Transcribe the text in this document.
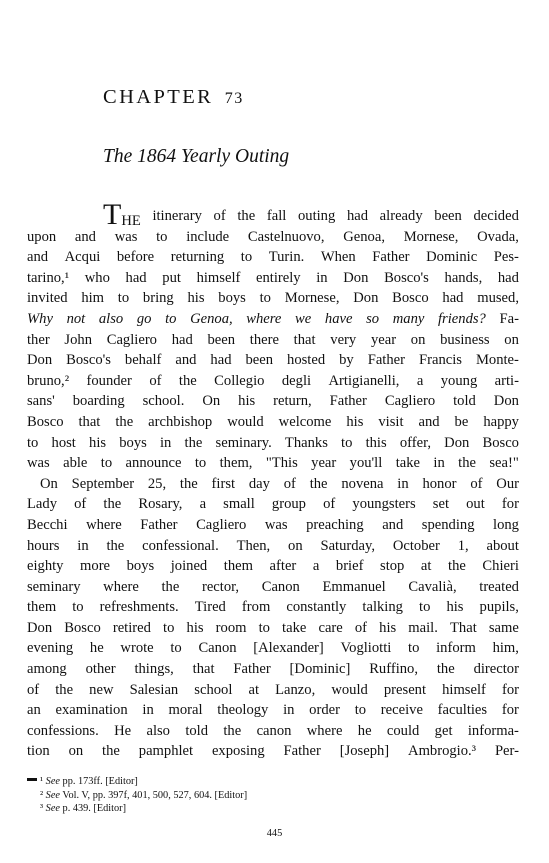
CHAPTER 73
The 1864 Yearly Outing
THE itinerary of the fall outing had already been decided
upon and was to include Castelnuovo, Genoa, Mornese, Ovada,
and Acqui before returning to Turin. When Father Dominic Pes-
tarino,¹ who had put himself entirely in Don Bosco's hands, had
invited him to bring his boys to Mornese, Don Bosco had mused,
Why not also go to Genoa, where we have so many friends? Fa-
ther John Cagliero had been there that very year on business on
Don Bosco's behalf and had been hosted by Father Francis Monte-
bruno,² founder of the Collegio degli Artigianelli, a young arti-
sans' boarding school. On his return, Father Cagliero told Don
Bosco that the archbishop would welcome his visit and be happy
to host his boys in the seminary. Thanks to this offer, Don Bosco
was able to announce to them, "This year you'll take in the sea!"
On September 25, the first day of the novena in honor of Our
Lady of the Rosary, a small group of youngsters set out for
Becchi where Father Cagliero was preaching and spending long
hours in the confessional. Then, on Saturday, October 1, about
eighty more boys joined them after a brief stop at the Chieri
seminary where the rector, Canon Emmanuel Cavalià, treated
them to refreshments. Tired from constantly talking to his pupils,
Don Bosco retired to his room to take care of his mail. That same
evening he wrote to Canon [Alexander] Vogliotti to inform him,
among other things, that Father [Dominic] Ruffino, the director
of the new Salesian school at Lanzo, would present himself for
an examination in moral theology in order to receive faculties for
confessions. He also told the canon where he could get informa-
tion on the pamphlet exposing Father [Joseph] Ambrogio.³ Per-
▬ ¹ See pp. 173ff. [Editor]
² See Vol. V, pp. 397f, 401, 500, 527, 604. [Editor]
³ See p. 439. [Editor]
445
